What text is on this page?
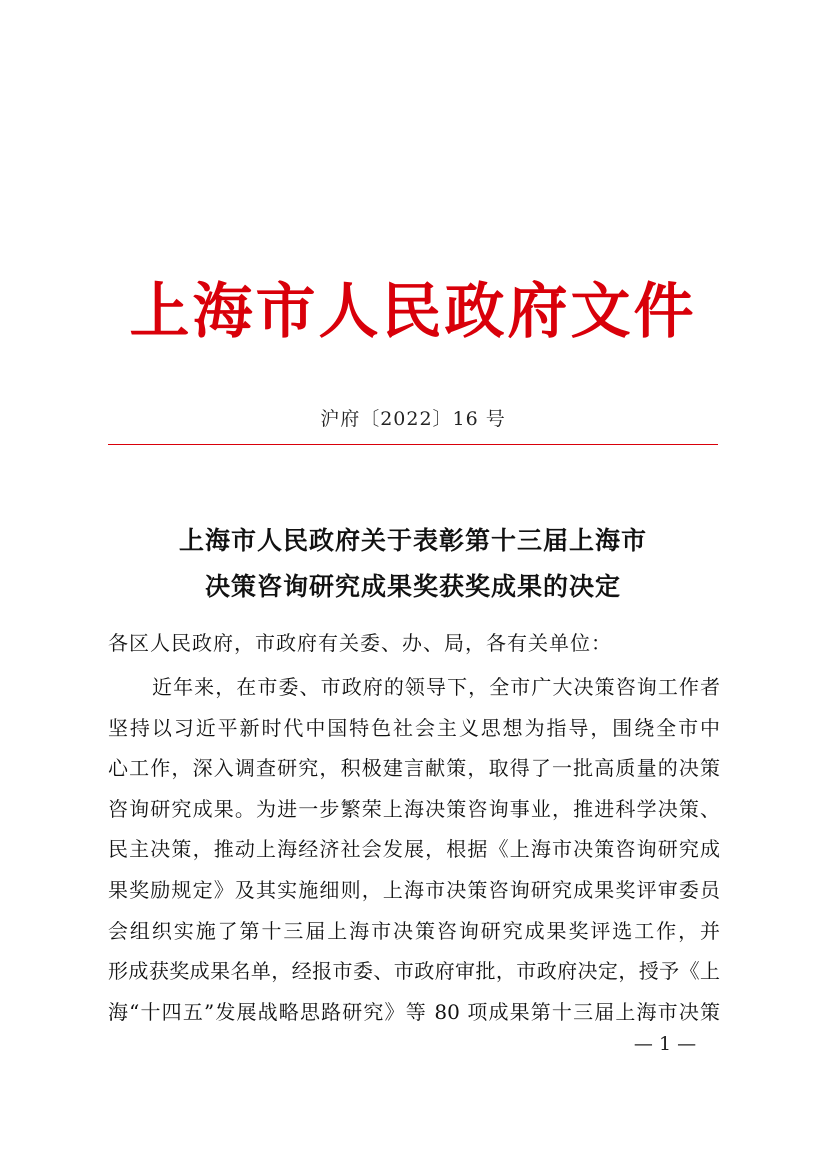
上海市人民政府文件
沪府〔2022〕16 号
上海市人民政府关于表彰第十三届上海市
决策咨询研究成果奖获奖成果的决定
各区人民政府，市政府有关委、办、局，各有关单位：
近年来，在市委、市政府的领导下，全市广大决策咨询工作者
坚持以习近平新时代中国特色社会主义思想为指导，围绕全市中
心工作，深入调查研究，积极建言献策，取得了一批高质量的决策
咨询研究成果。为进一步繁荣上海决策咨询事业，推进科学决策、
民主决策，推动上海经济社会发展，根据《上海市决策咨询研究成
果奖励规定》及其实施细则，上海市决策咨询研究成果奖评审委员
会组织实施了第十三届上海市决策咨询研究成果奖评选工作，并
形成获奖成果名单，经报市委、市政府审批，市政府决定，授予《上
海“十四五”发展战略思路研究》等 80 项成果第十三届上海市决策
— 1 —
